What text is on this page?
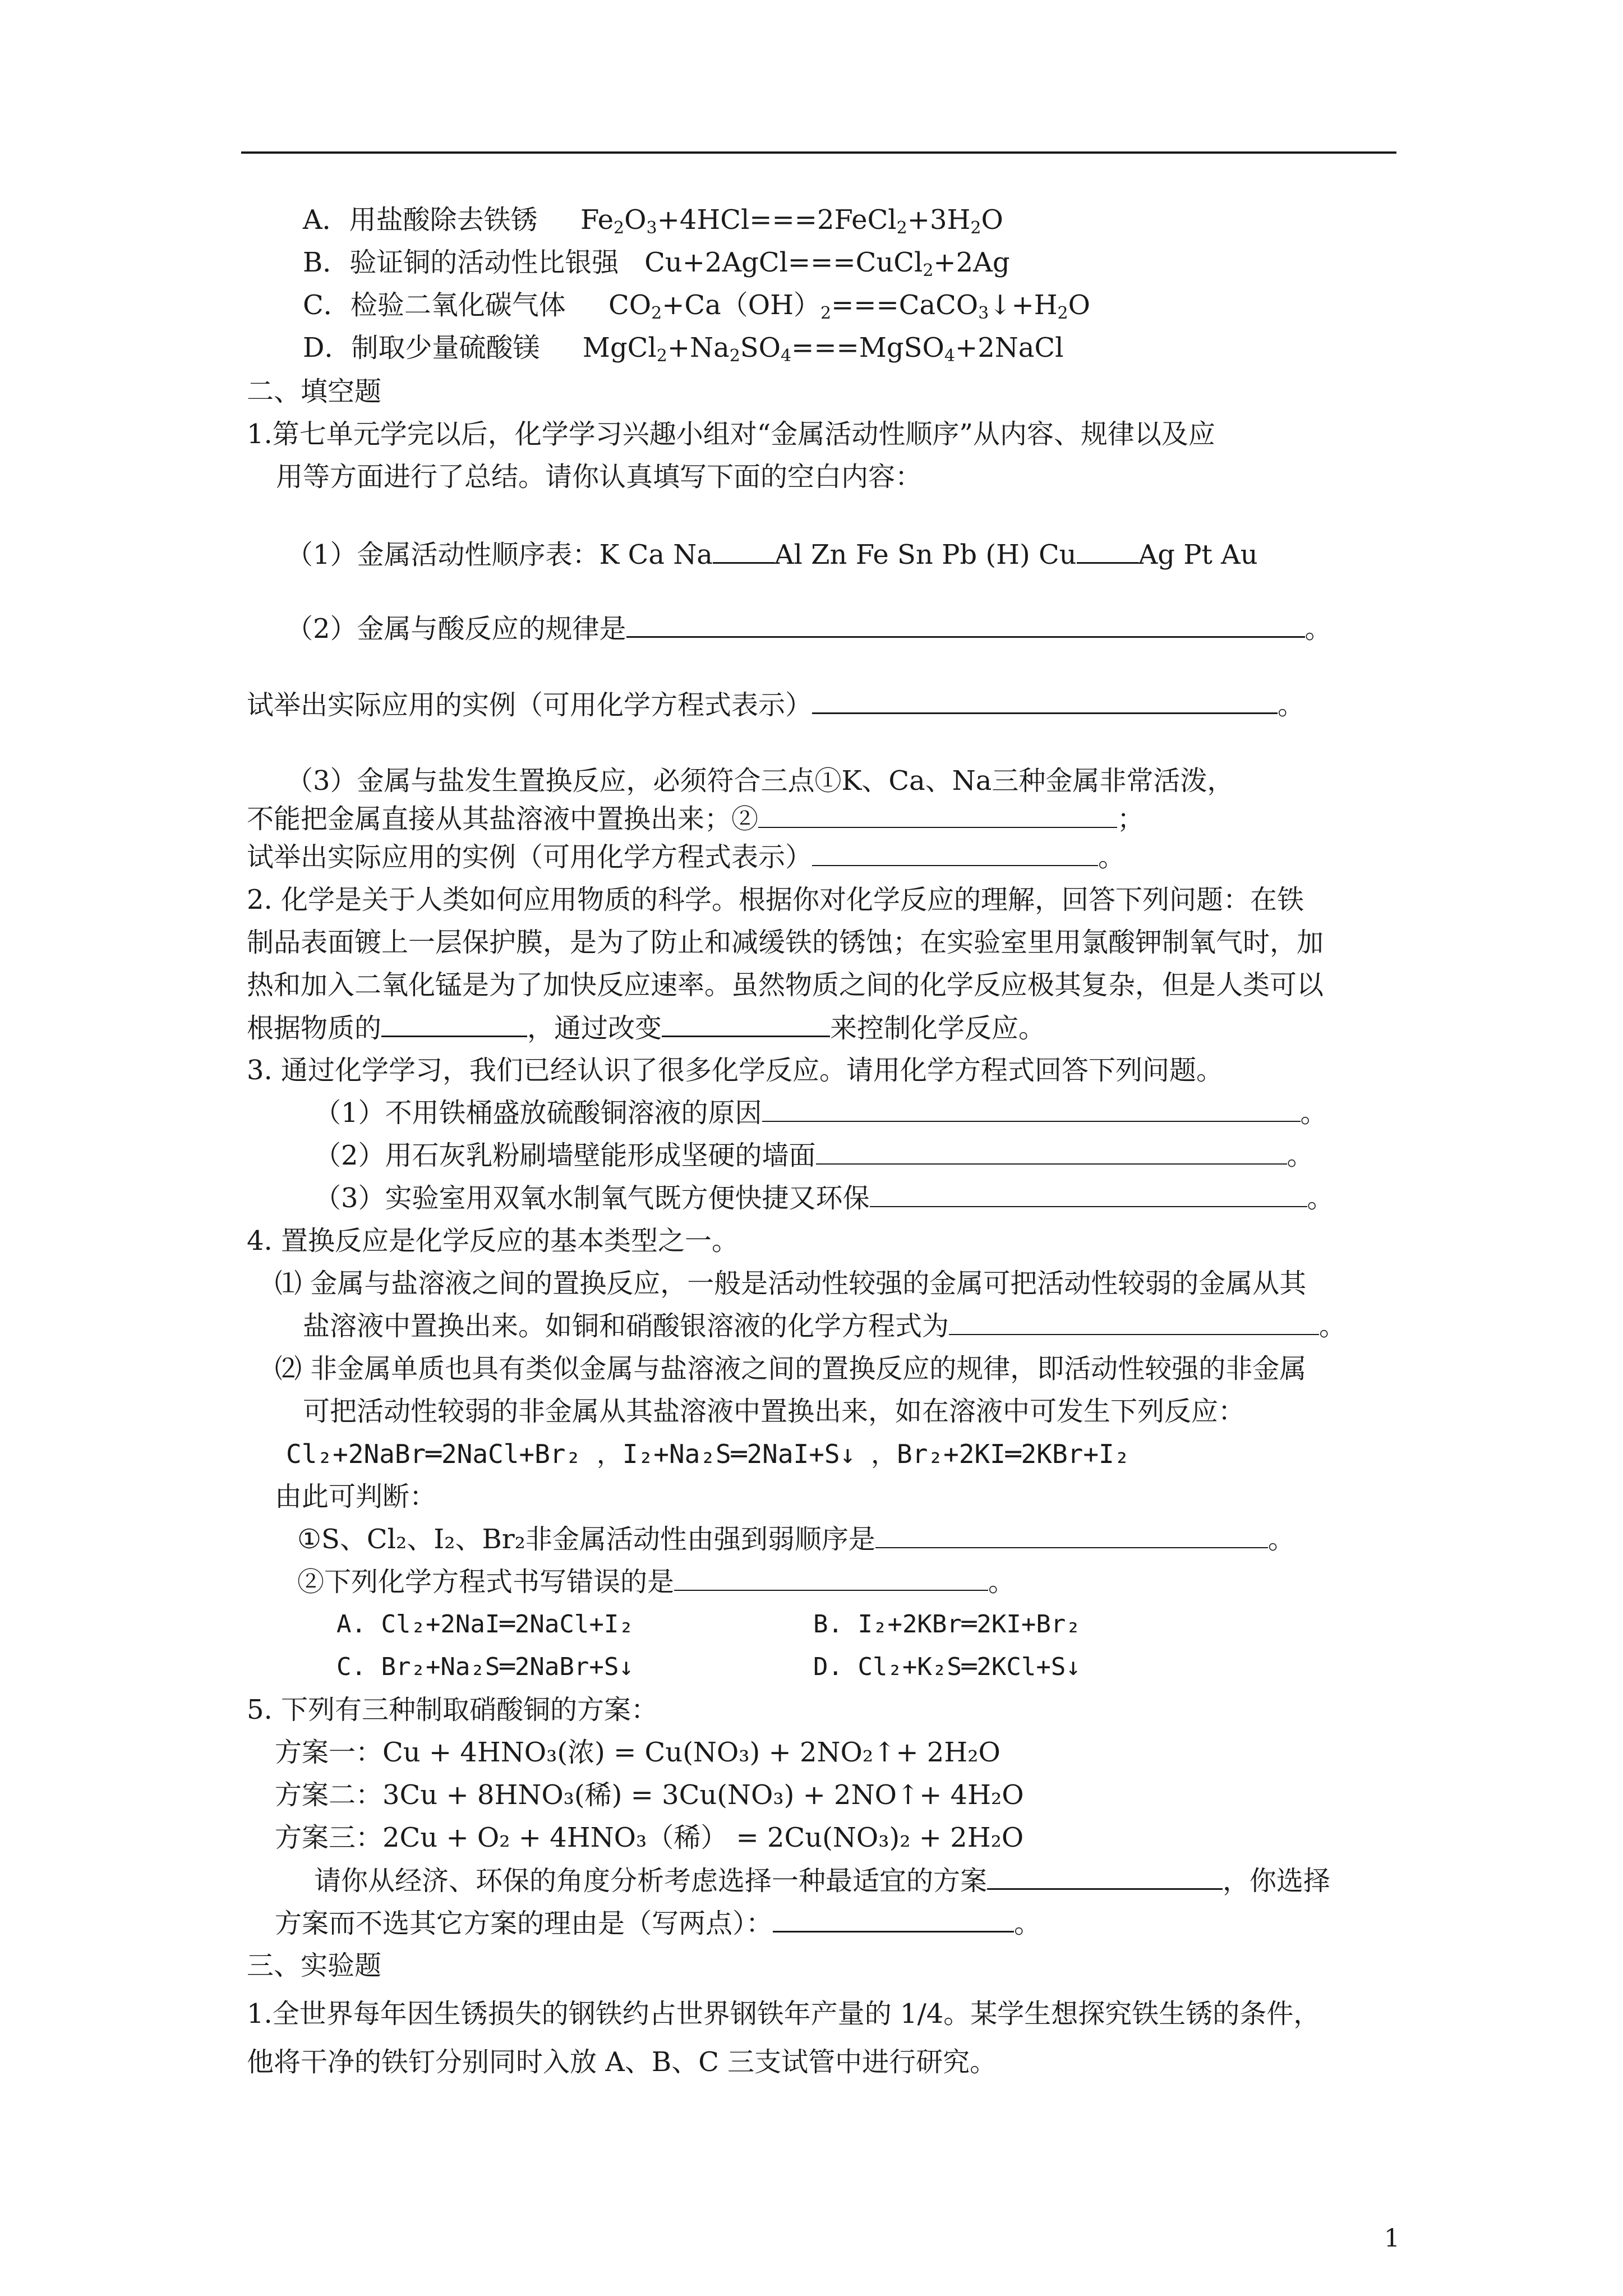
A．用盐酸除去铁锈     $Fe_2O_3+4HCl===2FeCl_2+3H_2O$
B．验证铜的活动性比银强 Cu+2AgCl===CuCl$_2$+2Ag
C．检验二氧化碳气体 $CO_2+Ca(OH)_2===CaCO_3↓+H_2O$
D．制取少量硫酸镁 $MgCl_2+Na_2SO_4===MgSO_4+2NaCl$
二、填空题
1.第七单元学完以后，化学学习兴趣小组对“金属活动性顺序”从内容、规律以及应
用等方面进行了总结。请你认真填写下面的空白内容：
（1）金属活动性顺序表：K Ca Na Al Zn Fe Sn Pb (H) Cu Ag Pt Au
（2）金属与酸反应的规律是	。
试举出实际应用的实例（可用化学方程式表示）	。
（3）金属与盐发生置换反应，必须符合三点①K、Ca、Na三种金属非常活泼，
不能把金属直接从其盐溶液中置换出来；②	；
试举出实际应用的实例（可用化学方程式表示）	。
2. 化学是关于人类如何应用物质的科学。根据你对化学反应的理解，回答下列问题：在铁
制品表面镀上一层保护膜，是为了防止和减缓铁的锈蚀；在实验室里用氯酸钾制氧气时，加
热和加入二氧化锰是为了加快反应速率。虽然物质之间的化学反应极其复杂，但是人类可以
根据物质的	，通过改变	来控制化学反应。
3. 通过化学学习，我们已经认识了很多化学反应。请用化学方程式回答下列问题。
（1）不用铁桶盛放硫酸铜溶液的原因	。
（2）用石灰乳粉刷墙壁能形成坚硬的墙面	。
（3）实验室用双氧水制氧气既方便快捷又环保	。
4. 置换反应是化学反应的基本类型之一。
⑴ 金属与盐溶液之间的置换反应，一般是活动性较强的金属可把活动性较弱的金属从其
盐溶液中置换出来。如铜和硝酸银溶液的化学方程式为	。
⑵ 非金属单质也具有类似金属与盐溶液之间的置换反应的规律，即活动性较强的非金属
可把活动性较弱的非金属从其盐溶液中置换出来，如在溶液中可发生下列反应：
Cl₂+2NaBr═2NaCl+Br₂ ，I₂+Na₂S═2NaI+S↓ ，Br₂+2KI═2KBr+I₂
由此可判断：
①S、Cl₂、I₂、Br₂非金属活动性由强到弱顺序是	。
②下列化学方程式书写错误的是	。
A. Cl₂+2NaI═2NaCl+I₂	B. I₂+2KBr═2KI+Br₂
C. Br₂+Na₂S═2NaBr+S↓	D. Cl₂+K₂S═2KCl+S↓
5. 下列有三种制取硝酸铜的方案：
方案一：Cu + 4HNO₃(浓) = Cu(NO₃) + 2NO₂↑+ 2H₂O
方案二：3Cu + 8HNO₃(稀) = 3Cu(NO₃) + 2NO↑+ 4H₂O
方案三：2Cu + O₂ + 4HNO₃（稀） = 2Cu(NO₃)₂ + 2H₂O
请你从经济、环保的角度分析考虑选择一种最适宜的方案	，你选择
方案而不选其它方案的理由是（写两点）：	。
三、实验题
1.全世界每年因生锈损失的钢铁约占世界钢铁年产量的 1/4。某学生想探究铁生锈的条件，
他将干净的铁钉分别同时入放 A、B、C 三支试管中进行研究。
1
